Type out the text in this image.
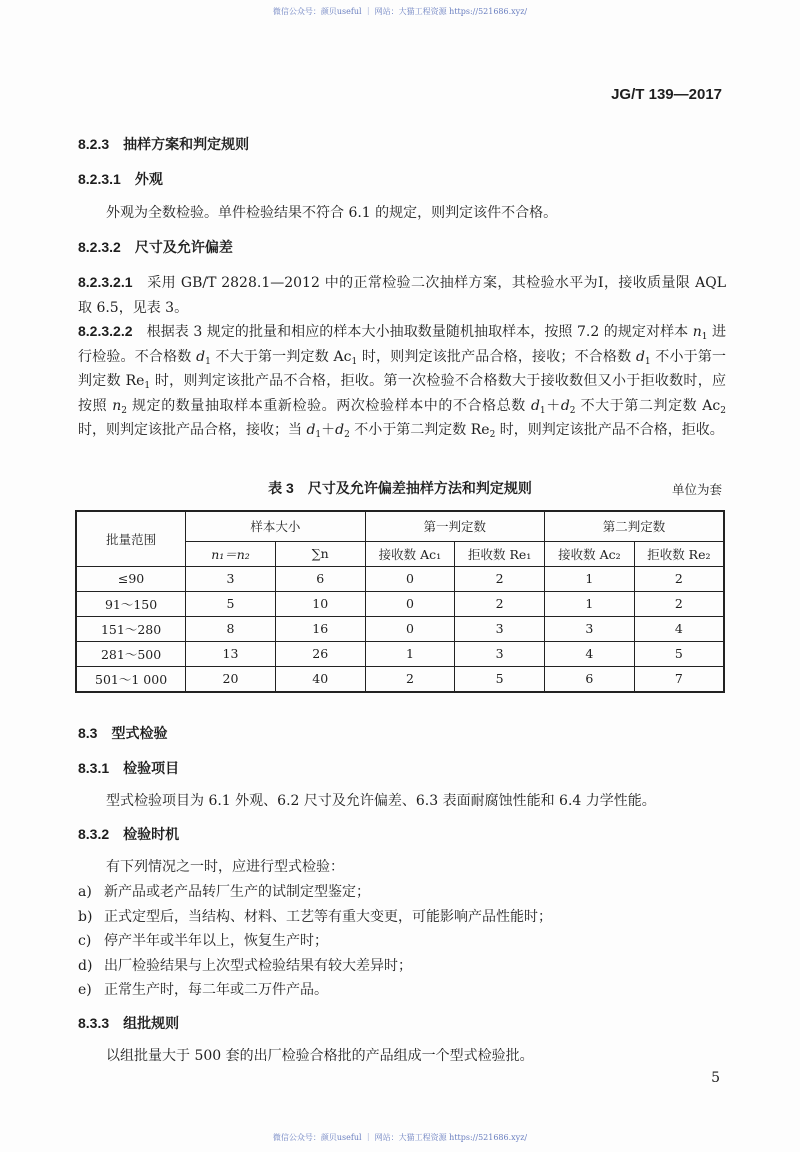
微信公众号：颜贝useful ｜ 网站：大猫工程资源 https://521686.xyz/
JG/T 139—2017
8.2.3 抽样方案和判定规则
8.2.3.1 外观
外观为全数检验。单件检验结果不符合 6.1 的规定，则判定该件不合格。
8.2.3.2 尺寸及允许偏差
8.2.3.2.1　采用 GB/T 2828.1—2012 中的正常检验二次抽样方案，其检验水平为Ⅰ，接收质量限 AQL 取 6.5，见表 3。
8.2.3.2.2　根据表 3 规定的批量和相应的样本大小抽取数量随机抽取样本，按照 7.2 的规定对样本 $n_1$ 进行检验。不合格数 $d_1$ 不大于第一判定数 $Ac_1$ 时，则判定该批产品合格，接收；不合格数 $d_1$ 不小于第一判定数 $Re_1$ 时，则判定该批产品不合格，拒收。第一次检验不合格数大于接收数但又小于拒收数时，应按照 $n_2$ 规定的数量抽取样本重新检验。两次检验样本中的不合格总数 $d_1+d_2$ 不大于第二判定数 $Ac_2$ 时，则判定该批产品合格，接收；当 $d_1+d_2$ 不小于第二判定数 $Re_2$ 时，则判定该批产品不合格，拒收。
表 3　尺寸及允许偏差抽样方法和判定规则	单位为套
批量范围	样本大小		第一判定数		第二判定数	
	n₁＝n₂	∑n	接收数 Ac₁	拒收数 Re₁	接收数 Ac₂	拒收数 Re₂
≤90	3	6	0	2	1	2
91～150	5	10	0	2	1	2
151～280	8	16	0	3	3	4
281～500	13	26	1	3	4	5
501～1 000	20	40	2	5	6	7
8.3 型式检验
8.3.1 检验项目
型式检验项目为 6.1 外观、6.2 尺寸及允许偏差、6.3 表面耐腐蚀性能和 6.4 力学性能。
8.3.2 检验时机
有下列情况之一时，应进行型式检验：
a) 新产品或老产品转厂生产的试制定型鉴定；
b) 正式定型后，当结构、材料、工艺等有重大变更，可能影响产品性能时；
c) 停产半年或半年以上，恢复生产时；
d) 出厂检验结果与上次型式检验结果有较大差异时；
e) 正常生产时，每二年或二万件产品。
8.3.3 组批规则
以组批量大于 500 套的出厂检验合格批的产品组成一个型式检验批。
5
微信公众号：颜贝useful ｜ 网站：大猫工程资源 https://521686.xyz/
